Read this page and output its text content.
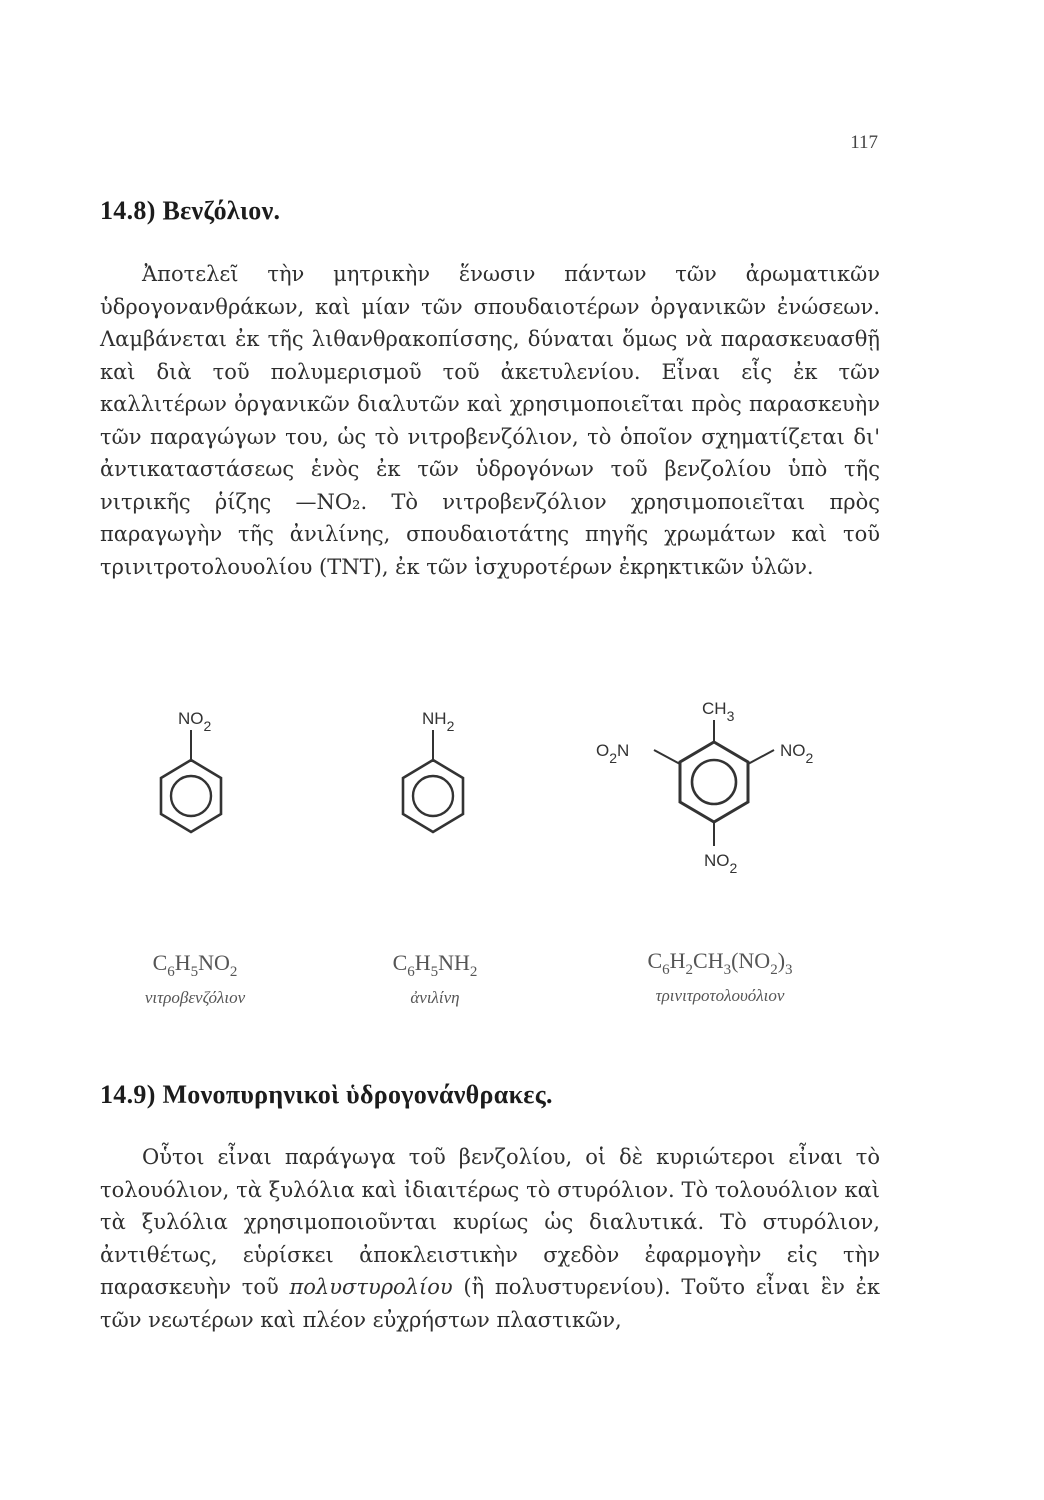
117
14.8) Βενζόλιον.

Ἀποτελεῖ τὴν μητρικὴν ἕνωσιν πάντων τῶν ἀρωματικῶν ὑδρογονανθράκων, καὶ μίαν τῶν σπουδαιοτέρων ὀργανικῶν ἐνώσεων. Λαμβάνεται ἐκ τῆς λιθανθρακοπίσσης, δύναται ὅμως νὰ παρασκευασθῇ καὶ διὰ τοῦ πολυμερισμοῦ τοῦ ἀκετυλενίου. Εἶναι εἷς ἐκ τῶν καλλιτέρων ὀργανικῶν διαλυτῶν καὶ χρησιμοποιεῖται πρὸς παρασκευὴν τῶν παραγώγων του, ὡς τὸ νιτροβενζόλιον, τὸ ὁποῖον σχηματίζεται δι' ἀντικαταστάσεως ἑνὸς ἐκ τῶν ὑδρογόνων τοῦ βενζολίου ὑπὸ τῆς νιτρικῆς ῥίζης —NO₂. Τὸ νιτροβενζόλιον χρησιμοποιεῖται πρὸς παραγωγὴν τῆς ἀνιλίνης, σπουδαιοτάτης πηγῆς χρωμάτων καὶ τοῦ τρινιτροτολουολίου (TNT), ἐκ τῶν ἰσχυροτέρων ἐκρηκτικῶν ὑλῶν.

$NO_2$	$NH_2$
$CH_3$
$O_2N$	$NO_2$
$NO_2$
$C_6H_5NO_2$
νιτροβενζόλιον
$C_6H_5NH_2$
ἀνιλίνη
$C_6H_2CH_3(NO_2)_3$
τρινιτροτολουόλιον
14.9) Μονοπυρηνικοὶ ὑδρογονάνθρακες.

Οὗτοι εἶναι παράγωγα τοῦ βενζολίου, οἱ δὲ κυριώτεροι εἶναι τὸ τολουόλιον, τὰ ξυλόλια καὶ ἰδιαιτέρως τὸ στυρόλιον. Τὸ τολουόλιον καὶ τὰ ξυλόλια χρησιμοποιοῦνται κυρίως ὡς διαλυτικά. Τὸ στυρόλιον, ἀντιθέτως, εὑρίσκει ἀποκλειστικὴν σχεδὸν ἐφαρμογὴν εἰς τὴν παρασκευὴν τοῦ πολυστυρολίου (ἢ πολυστυρενίου). Τοῦτο εἶναι ἓν ἐκ τῶν νεωτέρων καὶ πλέον εὐχρήστων πλαστικῶν,
